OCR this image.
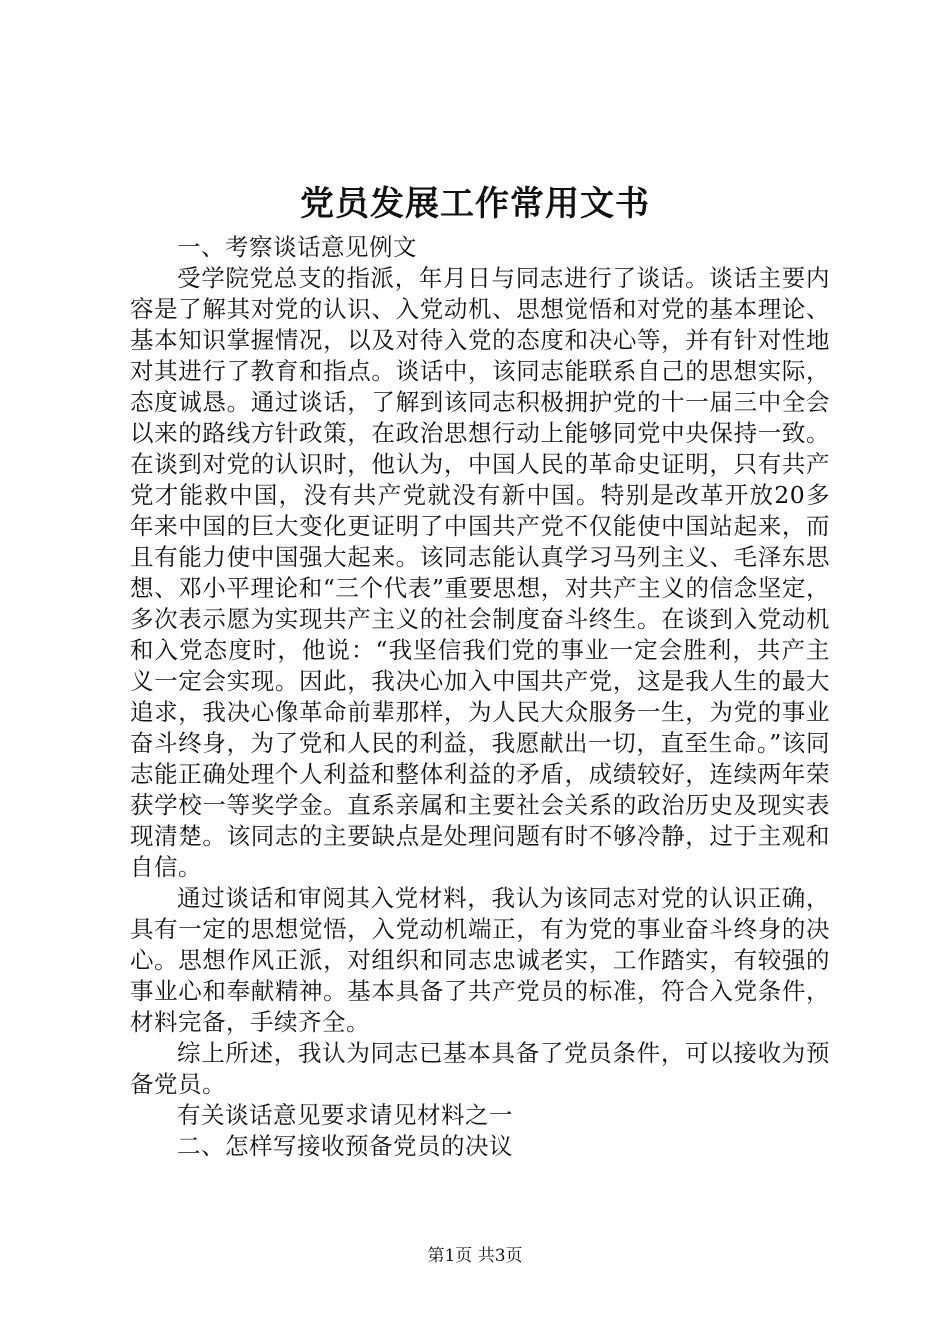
党员发展工作常用文书

一、考察谈话意见例文

受学院党总支的指派，年月日与同志进行了谈话。谈话主要内容是了解其对党的认识、入党动机、思想觉悟和对党的基本理论、基本知识掌握情况，以及对待入党的态度和决心等，并有针对性地对其进行了教育和指点。谈话中，该同志能联系自己的思想实际，态度诚恳。通过谈话，了解到该同志积极拥护党的十一届三中全会以来的路线方针政策，在政治思想行动上能够同党中央保持一致。在谈到对党的认识时，他认为，中国人民的革命史证明，只有共产党才能救中国，没有共产党就没有新中国。特别是改革开放20多年来中国的巨大变化更证明了中国共产党不仅能使中国站起来，而且有能力使中国强大起来。该同志能认真学习马列主义、毛泽东思想、邓小平理论和“三个代表”重要思想，对共产主义的信念坚定，多次表示愿为实现共产主义的社会制度奋斗终生。在谈到入党动机和入党态度时，他说：“我坚信我们党的事业一定会胜利，共产主义一定会实现。因此，我决心加入中国共产党，这是我人生的最大追求，我决心像革命前辈那样，为人民大众服务一生，为党的事业奋斗终身，为了党和人民的利益，我愿献出一切，直至生命。”该同志能正确处理个人利益和整体利益的矛盾，成绩较好，连续两年荣获学校一等奖学金。直系亲属和主要社会关系的政治历史及现实表现清楚。该同志的主要缺点是处理问题有时不够冷静，过于主观和自信。

通过谈话和审阅其入党材料，我认为该同志对党的认识正确，具有一定的思想觉悟，入党动机端正，有为党的事业奋斗终身的决心。思想作风正派，对组织和同志忠诚老实，工作踏实，有较强的事业心和奉献精神。基本具备了共产党员的标准，符合入党条件，材料完备，手续齐全。

综上所述，我认为同志已基本具备了党员条件，可以接收为预备党员。

有关谈话意见要求请见材料之一

二、怎样写接收预备党员的决议

第1页 共3页
